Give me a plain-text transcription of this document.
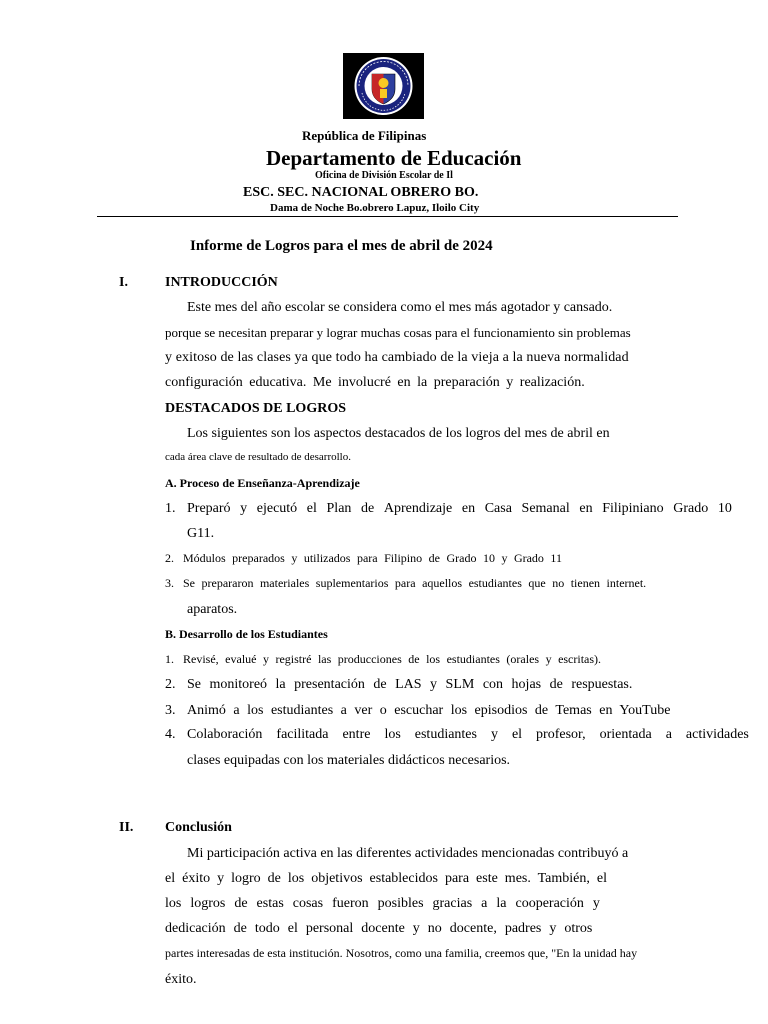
República de Filipinas
Departamento de Educación
Oficina de División Escolar de Il
ESC. SEC. NACIONAL OBRERO BO.
Dama de Noche Bo.obrero Lapuz, Iloilo City
Informe de Logros para el mes de abril de 2024
I.	INTRODUCCIÓN
Este mes del año escolar se considera como el mes más agotador y cansado.
porque se necesitan preparar y lograr muchas cosas para el funcionamiento sin problemas
y exitoso de las clases ya que todo ha cambiado de la vieja a la nueva normalidad
configuración educativa. Me involucré en la preparación y realización.
DESTACADOS DE LOGROS
Los siguientes son los aspectos destacados de los logros del mes de abril en
cada área clave de resultado de desarrollo.
A. Proceso de Enseñanza-Aprendizaje
1. Preparó y ejecutó el Plan de Aprendizaje en Casa Semanal en Filipiniano Grado 10
G11.
2. Módulos preparados y utilizados para Filipino de Grado 10 y Grado 11
3. Se prepararon materiales suplementarios para aquellos estudiantes que no tienen internet.
aparatos.
B. Desarrollo de los Estudiantes
1. Revisé, evalué y registré las producciones de los estudiantes (orales y escritas).
2. Se monitoreó la presentación de LAS y SLM con hojas de respuestas.
3. Animó a los estudiantes a ver o escuchar los episodios de Temas en YouTube
4. Colaboración facilitada entre los estudiantes y el profesor, orientada a actividades
clases equipadas con los materiales didácticos necesarios.
II. Conclusión
Mi participación activa en las diferentes actividades mencionadas contribuyó a
el éxito y logro de los objetivos establecidos para este mes. También, el
los logros de estas cosas fueron posibles gracias a la cooperación y
dedicación de todo el personal docente y no docente, padres y otros
partes interesadas de esta institución. Nosotros, como una familia, creemos que, "En la unidad hay
éxito.
